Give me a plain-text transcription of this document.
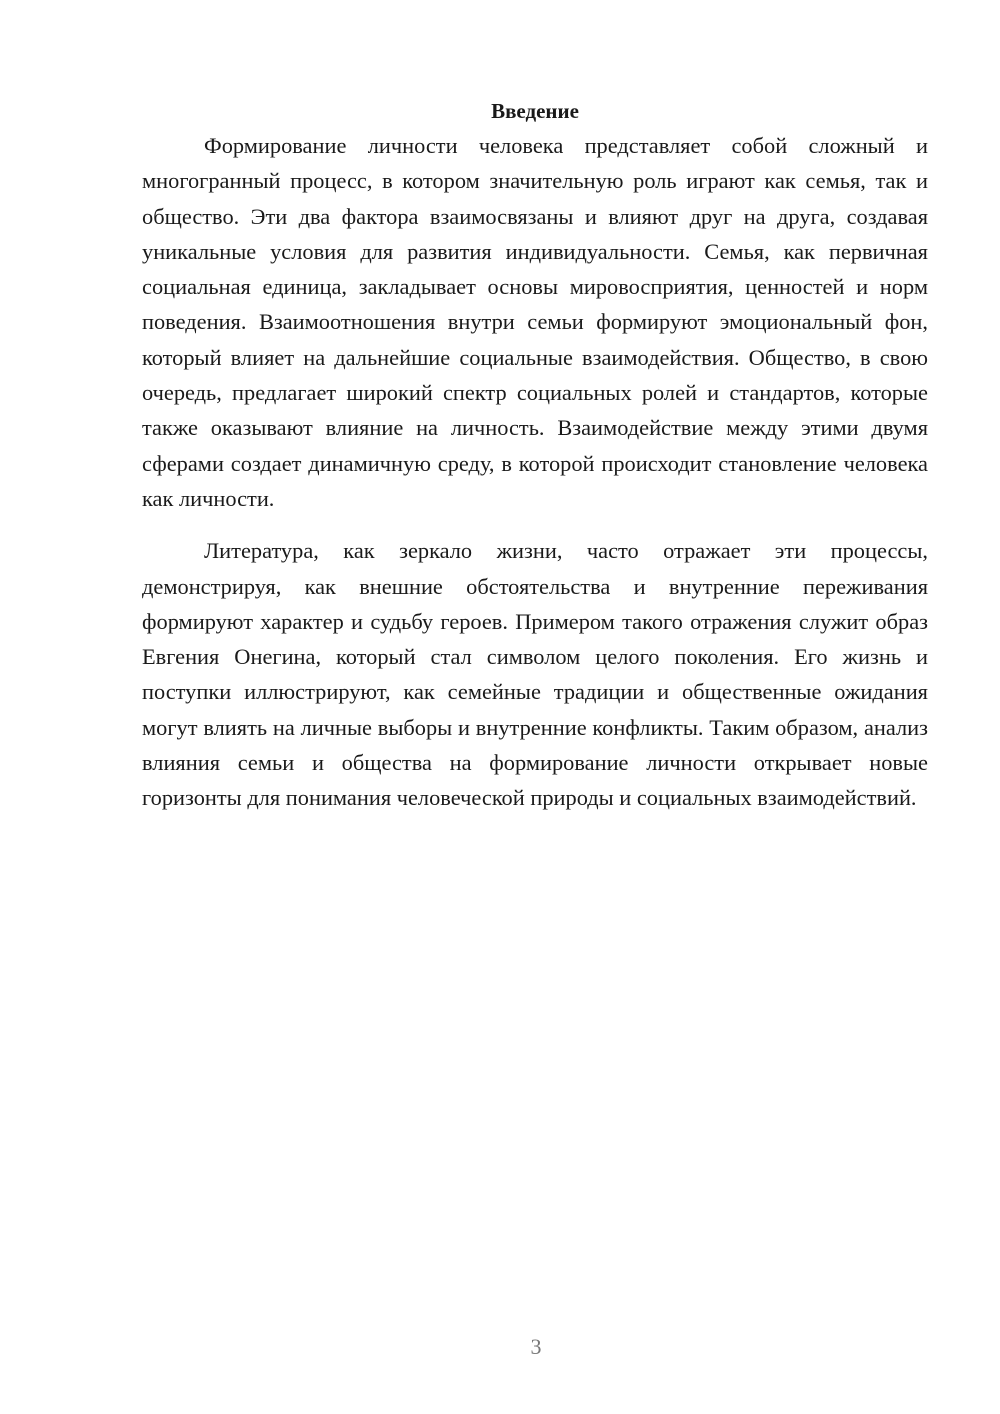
Введение

Формирование личности человека представляет собой сложный и многогранный процесс, в котором значительную роль играют как семья, так и общество. Эти два фактора взаимосвязаны и влияют друг на друга, создавая уникальные условия для развития индивидуальности. Семья, как первичная социальная единица, закладывает основы мировосприятия, ценностей и норм поведения. Взаимоотношения внутри семьи формируют эмоциональный фон, который влияет на дальнейшие социальные взаимодействия. Общество, в свою очередь, предлагает широкий спектр социальных ролей и стандартов, которые также оказывают влияние на личность. Взаимодействие между этими двумя сферами создает динамичную среду, в которой происходит становление человека как личности.

Литература, как зеркало жизни, часто отражает эти процессы, демонстрируя, как внешние обстоятельства и внутренние переживания формируют характер и судьбу героев. Примером такого отражения служит образ Евгения Онегина, который стал символом целого поколения. Его жизнь и поступки иллюстрируют, как семейные традиции и общественные ожидания могут влиять на личные выборы и внутренние конфликты. Таким образом, анализ влияния семьи и общества на формирование личности открывает новые горизонты для понимания человеческой природы и социальных взаимодействий.

3
